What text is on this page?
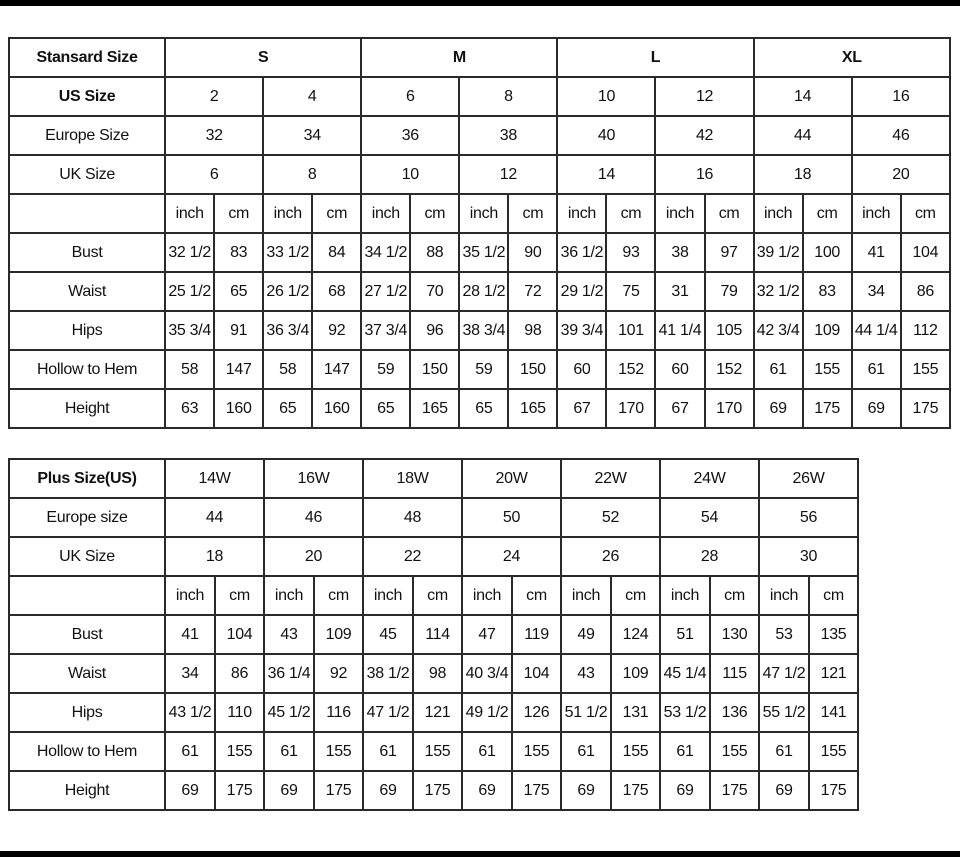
Stansard Size	S				M				L				XL			
US Size	2		4		6		8		10		12		14		16	
Europe Size	32		34		36		38		40		42		44		46	
UK Size	6		8		10		12		14		16		18		20	
	inch	cm	inch	cm	inch	cm	inch	cm	inch	cm	inch	cm	inch	cm	inch	cm
Bust	32 1/2	83	33 1/2	84	34 1/2	88	35 1/2	90	36 1/2	93	38	97	39 1/2	100	41	104
Waist	25 1/2	65	26 1/2	68	27 1/2	70	28 1/2	72	29 1/2	75	31	79	32 1/2	83	34	86
Hips	35 3/4	91	36 3/4	92	37 3/4	96	38 3/4	98	39 3/4	101	41 1/4	105	42 3/4	109	44 1/4	112
Hollow to Hem	58	147	58	147	59	150	59	150	60	152	60	152	61	155	61	155
Height	63	160	65	160	65	165	65	165	67	170	67	170	69	175	69	175
Plus Size(US)	14W		16W		18W		20W		22W		24W		26W	
Europe size	44		46		48		50		52		54		56	
UK Size	18		20		22		24		26		28		30	
	inch	cm	inch	cm	inch	cm	inch	cm	inch	cm	inch	cm	inch	cm
Bust	41	104	43	109	45	114	47	119	49	124	51	130	53	135
Waist	34	86	36 1/4	92	38 1/2	98	40 3/4	104	43	109	45 1/4	115	47 1/2	121
Hips	43 1/2	110	45 1/2	116	47 1/2	121	49 1/2	126	51 1/2	131	53 1/2	136	55 1/2	141
Hollow to Hem	61	155	61	155	61	155	61	155	61	155	61	155	61	155
Height	69	175	69	175	69	175	69	175	69	175	69	175	69	175
